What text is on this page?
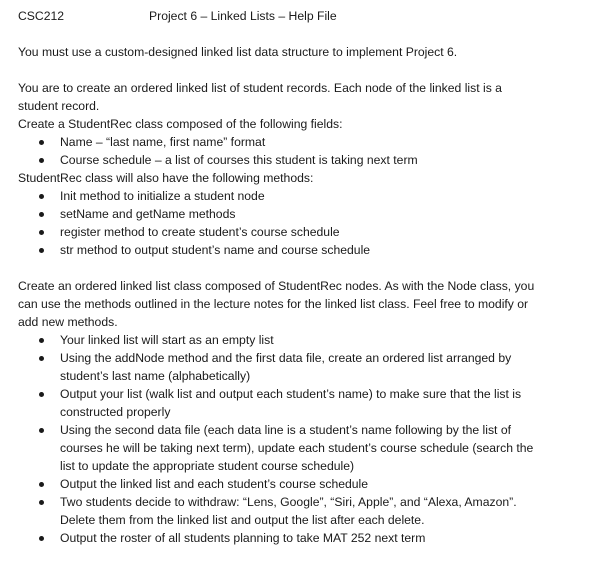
CSC212	Project 6 – Linked Lists – Help File
You must use a custom-designed linked list data structure to implement Project 6.
You are to create an ordered linked list of student records. Each node of the linked list is a
student record.
Create a StudentRec class composed of the following fields:
Name – “last name, first name” format
Course schedule – a list of courses this student is taking next term
StudentRec class will also have the following methods:
Init method to initialize a student node
setName and getName methods
register method to create student’s course schedule
str method to output student’s name and course schedule
Create an ordered linked list class composed of StudentRec nodes. As with the Node class, you
can use the methods outlined in the lecture notes for the linked list class. Feel free to modify or
add new methods.
Your linked list will start as an empty list
Using the addNode method and the first data file, create an ordered list arranged by
student’s last name (alphabetically)
Output your list (walk list and output each student’s name) to make sure that the list is
constructed properly
Using the second data file (each data line is a student’s name following by the list of
courses he will be taking next term), update each student’s course schedule (search the
list to update the appropriate student course schedule)
Output the linked list and each student’s course schedule
Two students decide to withdraw: “Lens, Google”, “Siri, Apple”, and “Alexa, Amazon”.
Delete them from the linked list and output the list after each delete.
Output the roster of all students planning to take MAT 252 next term
